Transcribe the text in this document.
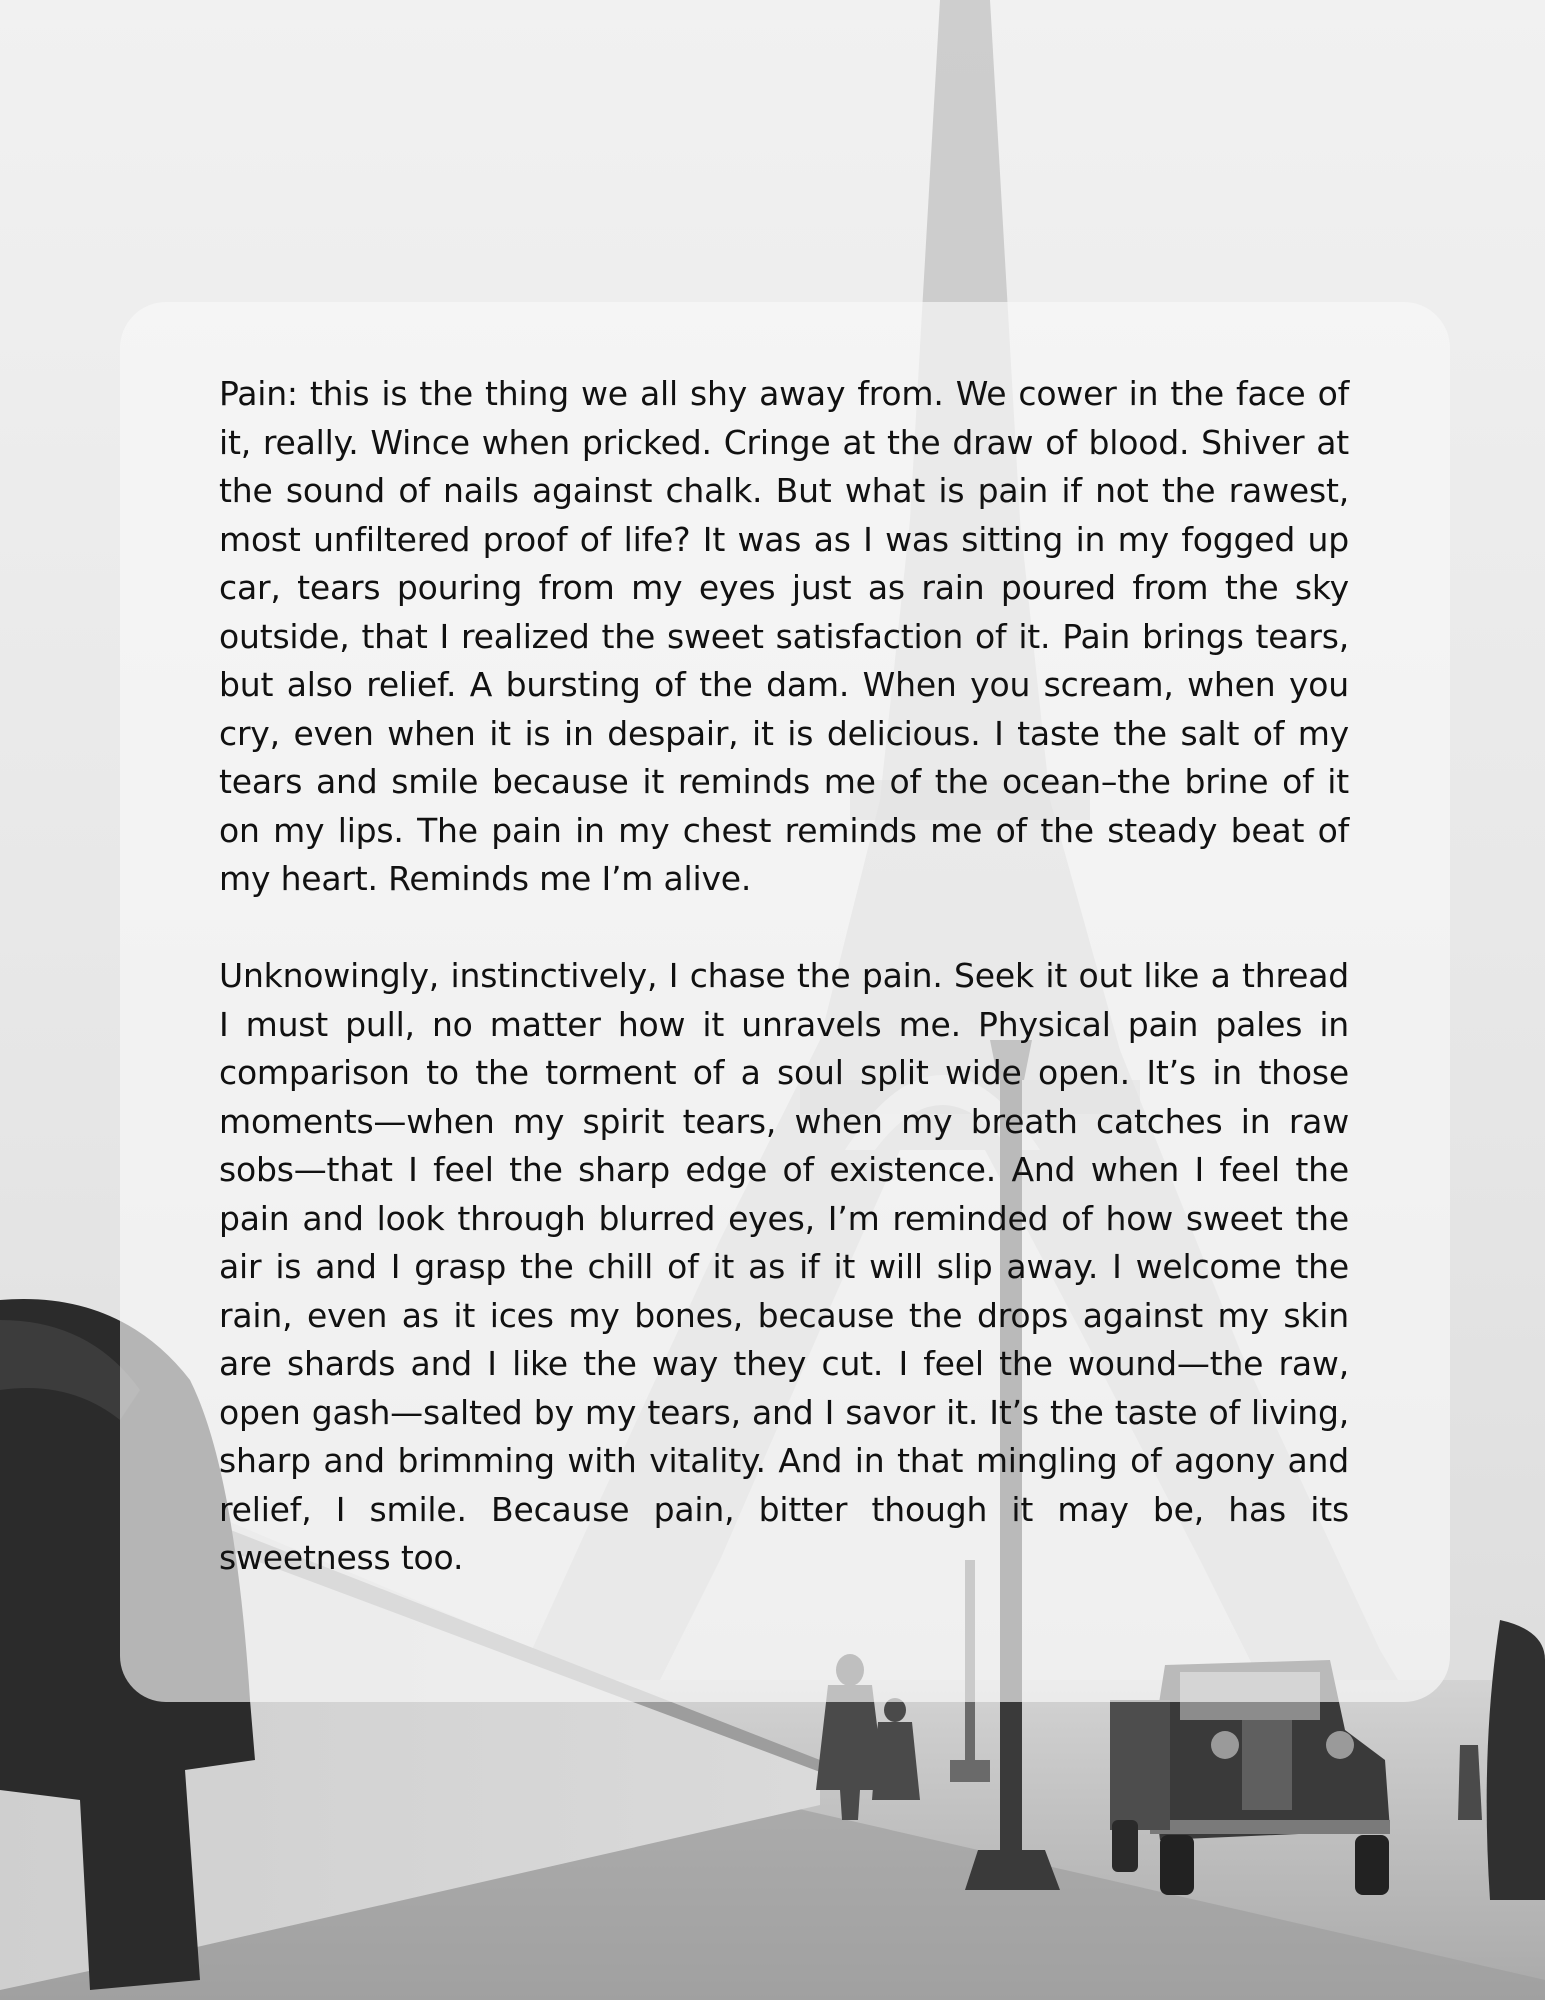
Pain: this is the thing we all shy away from. We cower in the face of it, really. Wince when pricked. Cringe at the draw of blood. Shiver at the sound of nails against chalk. But what is pain if not the rawest, most unfiltered proof of life? It was as I was sitting in my fogged up car, tears pouring from my eyes just as rain poured from the sky outside, that I realized the sweet satisfaction of it. Pain brings tears, but also relief. A bursting of the dam. When you scream, when you cry, even when it is in despair, it is delicious. I taste the salt of my tears and smile because it reminds me of the ocean–the brine of it on my lips. The pain in my chest reminds me of the steady beat of my heart. Reminds me I’m alive.

Unknowingly, instinctively, I chase the pain. Seek it out like a thread I must pull, no matter how it unravels me. Physical pain pales in comparison to the torment of a soul split wide open. It’s in those moments—when my spirit tears, when my breath catches in raw sobs—that I feel the sharp edge of existence. And when I feel the pain and look through blurred eyes, I’m reminded of how sweet the air is and I grasp the chill of it as if it will slip away. I welcome the rain, even as it ices my bones, because the drops against my skin are shards and I like the way they cut. I feel the wound—the raw, open gash—salted by my tears, and I savor it. It’s the taste of living, sharp and brimming with vitality. And in that mingling of agony and relief, I smile. Because pain, bitter though it may be, has its sweetness too.
